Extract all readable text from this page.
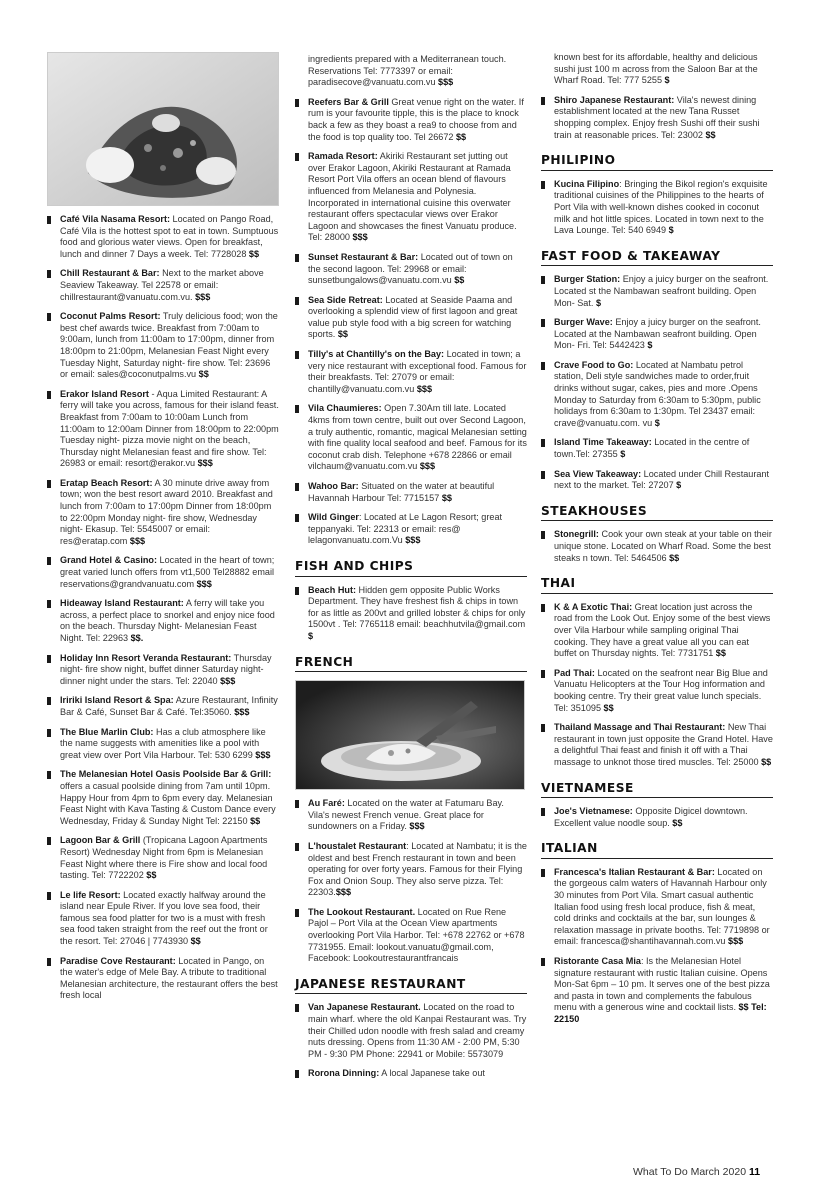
Café Vila Nasama Resort: Located on Pango Road, Café Vila is the hottest spot to eat in town. Sumptuous food and glorious water views. Open for breakfast, lunch and dinner 7 Days a week. Tel: 7728028 $$
Chill Restaurant & Bar: Next to the market above Seaview Takeaway. Tel 22578 or email: chillrestaurant@vanuatu.com.vu. $$$
Coconut Palms Resort: Truly delicious food; won the best chef awards twice. Breakfast from 7:00am to 9:00am, lunch from 11:00am to 17:00pm, dinner from 18:00pm to 21:00pm, Melanesian Feast Night every Tuesday Night, Saturday night- fire show. Tel: 23696 or email: sales@coconutpalms.vu $$
Erakor Island Resort - Aqua Limited Restaurant: A ferry will take you across, famous for their island feast. Breakfast from 7:00am to 10:00am Lunch from 11:00am to 12:00am Dinner from 18:00pm to 22:00pm Tuesday night- pizza movie night on the beach, Thursday night Melanesian feast and fire show. Tel: 26983 or email: resort@erakor.vu $$$
Eratap Beach Resort: A 30 minute drive away from town; won the best resort award 2010. Breakfast and lunch from 7:00am to 17:00pm Dinner from 18:00pm to 22:00pm Monday night- fire show, Wednesday night- Ekasup. Tel: 5545007 or email: res@eratap.com $$$
Grand Hotel & Casino: Located in the heart of town; great varied lunch offers from vt1,500 Tel28882 email reservations@grandvanuatu.com $$$
Hideaway Island Restaurant: A ferry will take you across, a perfect place to snorkel and enjoy nice food on the beach. Thursday Night- Melanesian Feast Night. Tel: 22963 $$.
Holiday Inn Resort Veranda Restaurant: Thursday night- fire show night, buffet dinner Saturday night- dinner night under the stars. Tel: 22040 $$$
Iririki Island Resort & Spa: Azure Restaurant, Infinity Bar & Café, Sunset Bar & Café. Tel:35060. $$$
The Blue Marlin Club: Has a club atmosphere like the name suggests with amenities like a pool with great view over Port Vila Harbour. Tel: 530 6299 $$$
The Melanesian Hotel Oasis Poolside Bar & Grill: offers a casual poolside dining from 7am until 10pm. Happy Hour from 4pm to 6pm every day. Melanesian Feast Night with Kava Tasting & Custom Dance every Wednesday, Friday & Sunday Night Tel: 22150 $$
Lagoon Bar & Grill (Tropicana Lagoon Apartments Resort) Wednesday Night from 6pm is Melanesian Feast Night where there is Fire show and local food tasting. Tel: 7722202 $$
Le life Resort: Located exactly halfway around the island near Epule River. If you love sea food, their famous sea food platter for two is a must with fresh sea food taken straight from the reef out the front or the resort. Tel: 27046 | 7743930 $$
Paradise Cove Restaurant: Located in Pango, on the water's edge of Mele Bay. A tribute to traditional Melanesian architecture, the restaurant offers the best fresh local
ingredients prepared with a Mediterranean touch. Reservations Tel: 7773397 or email: paradisecove@vanuatu.com.vu $$$
Reefers Bar & Grill Great venue right on the water. If rum is your favourite tipple, this is the place to knock back a few as they boast a rea9 to choose from and the food is top quality too. Tel 26672 $$
Ramada Resort: Akiriki Restaurant set jutting out over Erakor Lagoon, Akiriki Restaurant at Ramada Resort Port Vila offers an ocean blend of flavours influenced from Melanesia and Polynesia. Incorporated in international cuisine this overwater restaurant offers spectacular views over Erakor Lagoon and showcases the finest Vanuatu produce. Tel: 28000 $$$
Sunset Restaurant & Bar: Located out of town on the second lagoon. Tel: 29968 or email: sunsetbungalows@vanuatu.com.vu $$
Sea Side Retreat: Located at Seaside Paama and overlooking a splendid view of first lagoon and great value pub style food with a big screen for watching sports. $$
Tilly's at Chantilly's on the Bay: Located in town; a very nice restaurant with exceptional food. Famous for their breakfasts. Tel: 27079 or email: chantilly@vanuatu.com.vu $$$
Vila Chaumieres: Open 7.30Am till late. Located 4kms from town centre, built out over Second Lagoon, a truly authentic, romantic, magical Melanesian setting with fine quality local seafood and beef. Famous for its coconut crab dish. Telephone +678 22866 or email vilchaum@vanuatu.com.vu $$$
Wahoo Bar: Situated on the water at beautiful Havannah Harbour Tel: 7715157 $$
Wild Ginger: Located at Le Lagon Resort; great teppanyaki. Tel: 22313 or email: res@ lelagonvanuatu.com.Vu $$$
FISH AND CHIPS
Beach Hut: Hidden gem opposite Public Works Department. They have freshest fish & chips in town for as little as 200vt and grilled lobster & chips for only 1500vt . Tel: 7765118 email: beachhutvila@gmail.com $
FRENCH
Au Faré: Located on the water at Fatumaru Bay. Vila's newest French venue. Great place for sundowners on a Friday. $$$
L'houstalet Restaurant: Located at Nambatu; it is the oldest and best French restaurant in town and been operating for over forty years. Famous for their Flying Fox and Onion Soup. They also serve pizza. Tel: 22303.$$$
The Lookout Restaurant. Located on Rue Rene Pajol – Port Vila at the Ocean View apartments overlooking Port Vila Harbor. Tel: +678 22762 or +678 7731955. Email: lookout.vanuatu@gmail.com, Facebook: Lookoutrestaurantfrancais
JAPANESE RESTAURANT
Van Japanese Restaurant. Located on the road to main wharf. where the old Kanpai Restaurant was. Try their Chilled udon noodle with fresh salad and creamy nuts dressing. Opens from 11:30 AM - 2:00 PM, 5:30 PM - 9:30 PM Phone: 22941 or Mobile: 5573079
Rorona Dinning: A local Japanese take out
known best for its affordable, healthy and delicious sushi just 100 m across from the Saloon Bar at the Wharf Road. Tel: 777 5255 $
Shiro Japanese Restaurant: Vila's newest dining establishment located at the new Tana Russet shopping complex. Enjoy fresh Sushi off their sushi train at reasonable prices. Tel: 23002 $$
PHILIPINO
Kucina Filipino: Bringing the Bikol region's exquisite traditional cuisines of the Philippines to the hearts of Port Vila with well-known dishes cooked in coconut milk and hot little spices. Located in town next to the Lava Lounge. Tel: 540 6949 $
FAST FOOD & TAKEAWAY
Burger Station: Enjoy a juicy burger on the seafront. Located st the Nambawan seafront building. Open Mon- Sat. $
Burger Wave: Enjoy a juicy burger on the seafront. Located at the Nambawan seafront building. Open Mon- Fri. Tel: 5442423 $
Crave Food to Go: Located at Nambatu petrol station, Deli style sandwiches made to order,fruit drinks without sugar, cakes, pies and more .Opens Monday to Saturday from 6:30am to 5:30pm, public holidays from 6:30am to 1:30pm. Tel 23437 email: crave@vanuatu.com. vu $
Island Time Takeaway: Located in the centre of town.Tel: 27355 $
Sea View Takeaway: Located under Chill Restaurant next to the market. Tel: 27207 $
STEAKHOUSES
Stonegrill: Cook your own steak at your table on their unique stone. Located on Wharf Road. Some the best steaks n town. Tel: 5464506 $$
THAI
K & A Exotic Thai: Great location just across the road from the Look Out. Enjoy some of the best views over Vila Harbour while sampling original Thai cooking. They have a great value all you can eat buffet on Thursday nights. Tel: 7731751 $$
Pad Thai: Located on the seafront near Big Blue and Vanuatu Helicopters at the Tour Hog information and booking centre. Try their great value lunch specials. Tel: 351095 $$
Thailand Massage and Thai Restaurant: New Thai restaurant in town just opposite the Grand Hotel. Have a delightful Thai feast and finish it off with a Thai massage to unknot those tired muscles. Tel: 25000 $$
VIETNAMESE
Joe's Vietnamese: Opposite Digicel downtown. Excellent value noodle soup. $$
ITALIAN
Francesca's Italian Restaurant & Bar: Located on the gorgeous calm waters of Havannah Harbour only 30 minutes from Port Vila. Smart casual authentic Italian food using fresh local produce, fish & meat, cold drinks and cocktails at the bar, sun lounges & relaxation massage in private booths. Tel: 7719898 or email: francesca@shantihavannah.com.vu $$$
Ristorante Casa Mia: Is the Melanesian Hotel signature restaurant with rustic Italian cuisine. Opens Mon-Sat 6pm – 10 pm. It serves one of the best pizza and pasta in town and complements the fabulous menu with a generous wine and cocktail lists. $$ Tel: 22150
What To Do March 2020 11
